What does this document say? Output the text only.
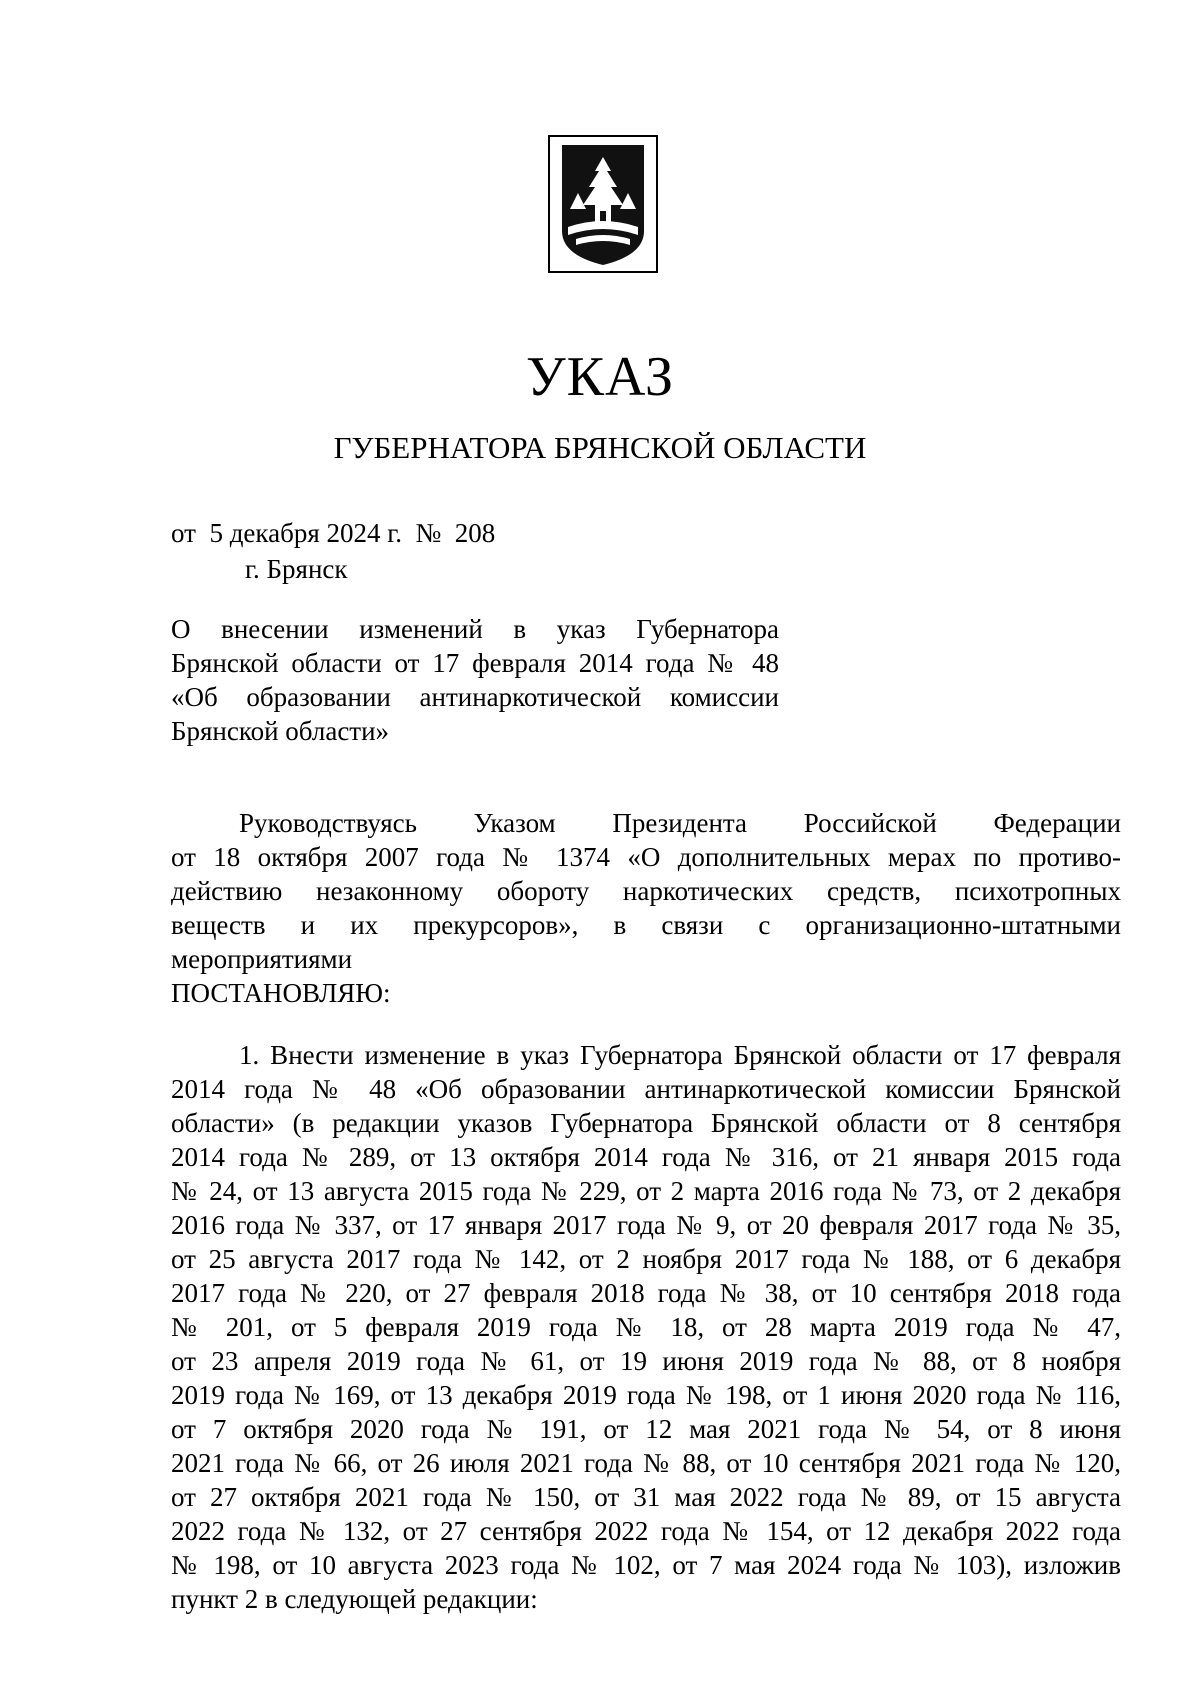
УКАЗ
ГУБЕРНАТОРА БРЯНСКОЙ ОБЛАСТИ
от  5 декабря 2024 г.  №  208
г. Брянск
О внесении изменений в указ Губернатора
Брянской области от 17 февраля 2014 года № 48
«Об образовании антинаркотической комиссии
Брянской области»
Руководствуясь Указом Президента Российской Федерации
от 18 октября 2007 года № 1374 «О дополнительных мерах по противо-
действию незаконному обороту наркотических средств, психотропных
веществ и их прекурсоров», в связи с организационно-штатными
мероприятиями
ПОСТАНОВЛЯЮ:
1. Внести изменение в указ Губернатора Брянской области от 17 февраля
2014 года № 48 «Об образовании антинаркотической комиссии Брянской
области» (в редакции указов Губернатора Брянской области от 8 сентября
2014 года № 289, от 13 октября 2014 года № 316, от 21 января 2015 года
№ 24, от 13 августа 2015 года № 229, от 2 марта 2016 года № 73, от 2 декабря
2016 года № 337, от 17 января 2017 года № 9, от 20 февраля 2017 года № 35,
от 25 августа 2017 года № 142, от 2 ноября 2017 года № 188, от 6 декабря
2017 года № 220, от 27 февраля 2018 года № 38, от 10 сентября 2018 года
№ 201, от 5 февраля 2019 года № 18, от 28 марта 2019 года № 47,
от 23 апреля 2019 года № 61, от 19 июня 2019 года № 88, от 8 ноября
2019 года № 169, от 13 декабря 2019 года № 198, от 1 июня 2020 года № 116,
от 7 октября 2020 года № 191, от 12 мая 2021 года № 54, от 8 июня
2021 года № 66, от 26 июля 2021 года № 88, от 10 сентября 2021 года № 120,
от 27 октября 2021 года № 150, от 31 мая 2022 года № 89, от 15 августа
2022 года № 132, от 27 сентября 2022 года № 154, от 12 декабря 2022 года
№ 198, от 10 августа 2023 года № 102, от 7 мая 2024 года № 103), изложив
пункт 2 в следующей редакции:
